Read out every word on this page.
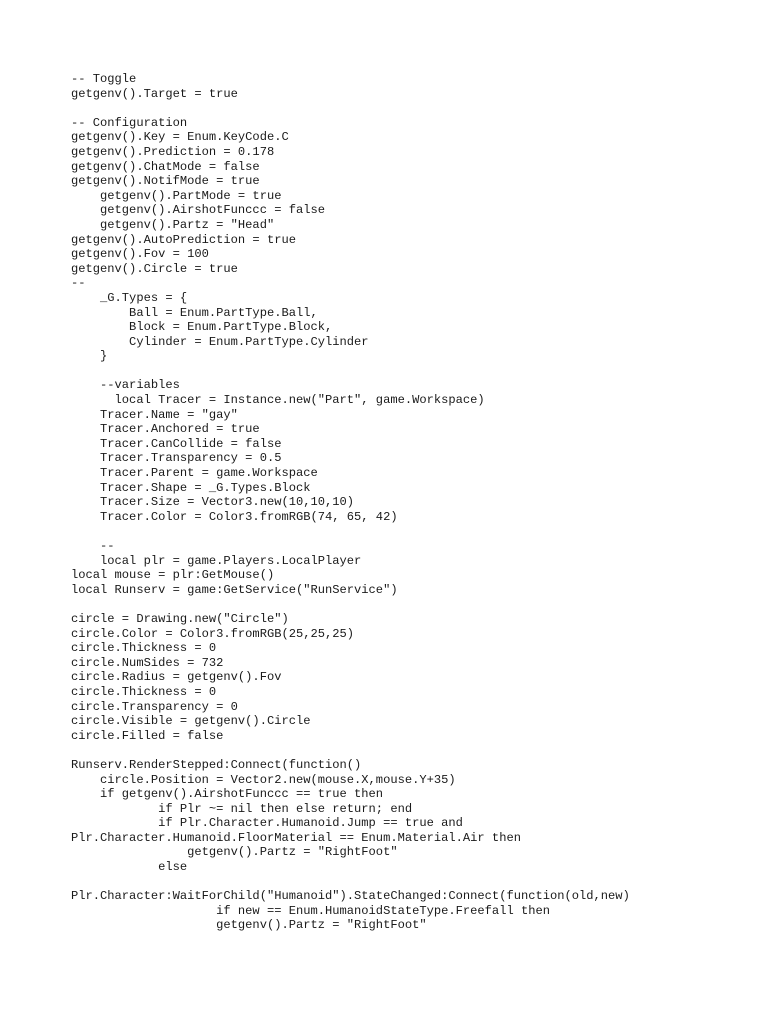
-- Toggle
getgenv().Target = true
-- Configuration
getgenv().Key = Enum.KeyCode.C
getgenv().Prediction = 0.178
getgenv().ChatMode = false
getgenv().NotifMode = true
getgenv().PartMode = true
getgenv().AirshotFunccc = false
getgenv().Partz = "Head"
getgenv().AutoPrediction = true
getgenv().Fov = 100
getgenv().Circle = true
--
_G.Types = {
Ball = Enum.PartType.Ball,
Block = Enum.PartType.Block,
Cylinder = Enum.PartType.Cylinder
}
--variables
local Tracer = Instance.new("Part", game.Workspace)
Tracer.Name = "gay"
Tracer.Anchored = true
Tracer.CanCollide = false
Tracer.Transparency = 0.5
Tracer.Parent = game.Workspace
Tracer.Shape = _G.Types.Block
Tracer.Size = Vector3.new(10,10,10)
Tracer.Color = Color3.fromRGB(74, 65, 42)
--
local plr = game.Players.LocalPlayer
local mouse = plr:GetMouse()
local Runserv = game:GetService("RunService")
circle = Drawing.new("Circle")
circle.Color = Color3.fromRGB(25,25,25)
circle.Thickness = 0
circle.NumSides = 732
circle.Radius = getgenv().Fov
circle.Thickness = 0
circle.Transparency = 0
circle.Visible = getgenv().Circle
circle.Filled = false
Runserv.RenderStepped:Connect(function()
circle.Position = Vector2.new(mouse.X,mouse.Y+35)
if getgenv().AirshotFunccc == true then
if Plr ~= nil then else return; end
if Plr.Character.Humanoid.Jump == true and
Plr.Character.Humanoid.FloorMaterial == Enum.Material.Air then
getgenv().Partz = "RightFoot"
else
Plr.Character:WaitForChild("Humanoid").StateChanged:Connect(function(old,new)
if new == Enum.HumanoidStateType.Freefall then
getgenv().Partz = "RightFoot"
